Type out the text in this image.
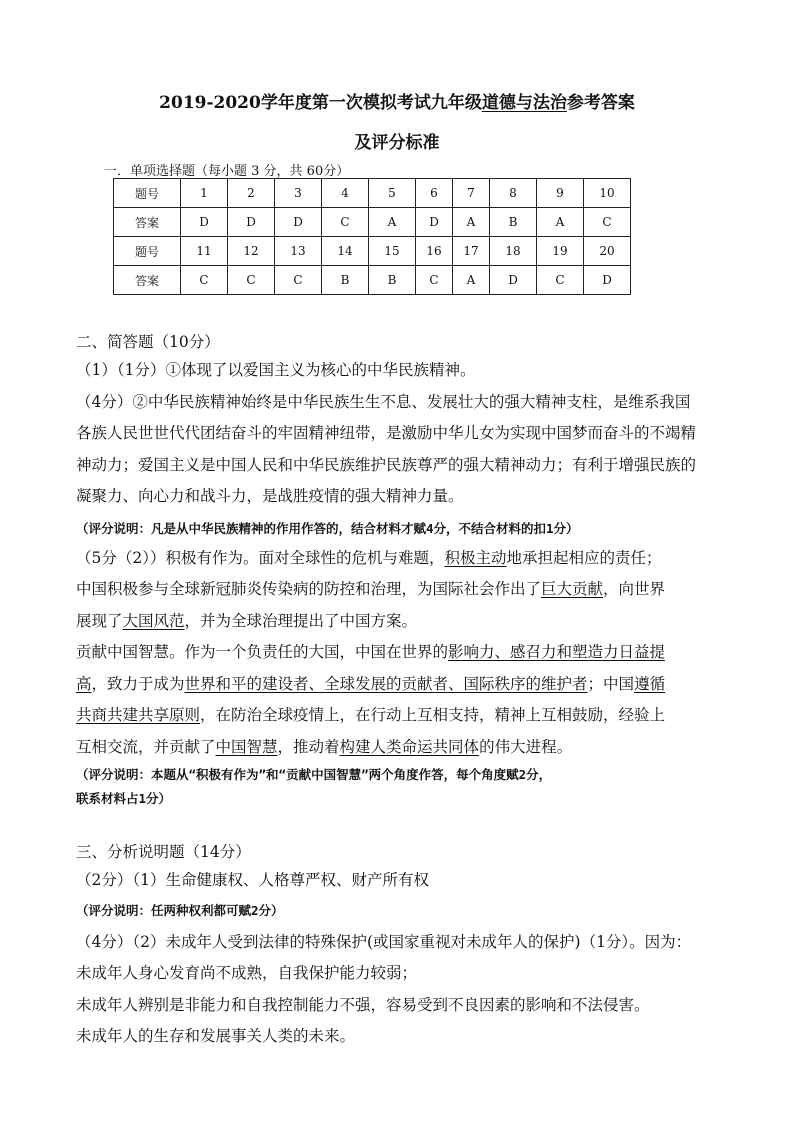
2019-2020学年度第一次模拟考试九年级道德与法治参考答案
及评分标准
一．单项选择题（每小题 3 分，共 60分）
题号	1	2	3	4	5	6	7	8	9	10
答案	D	D	D	C	A	D	A	B	A	C
题号	11	12	13	14	15	16	17	18	19	20
答案	C	C	C	B	B	C	A	D	C	D
二、简答题（10分）
（1）（1分）①体现了以爱国主义为核心的中华民族精神。
（4分）②中华民族精神始终是中华民族生生不息、发展壮大的强大精神支柱，是维系我国
各族人民世世代代团结奋斗的牢固精神纽带，是激励中华儿女为实现中国梦而奋斗的不竭精
神动力；爱国主义是中国人民和中华民族维护民族尊严的强大精神动力；有利于增强民族的
凝聚力、向心力和战斗力，是战胜疫情的强大精神力量。
（评分说明：凡是从中华民族精神的作用作答的，结合材料才赋4分，不结合材料的扣1分）
（5分（2））积极有作为。面对全球性的危机与难题，积极主动地承担起相应的责任；
中国积极参与全球新冠肺炎传染病的防控和治理，为国际社会作出了巨大贡献，向世界
展现了大国风范，并为全球治理提出了中国方案。
贡献中国智慧。作为一个负责任的大国，中国在世界的影响力、感召力和塑造力日益提
高，致力于成为世界和平的建设者、全球发展的贡献者、国际秩序的维护者；中国遵循
共商共建共享原则，在防治全球疫情上，在行动上互相支持，精神上互相鼓励，经验上
互相交流，并贡献了中国智慧，推动着构建人类命运共同体的伟大进程。
（评分说明：本题从“积极有作为”和“贡献中国智慧”两个角度作答，每个角度赋2分，
联系材料占1分）
三、分析说明题（14分）
（2分）（1）生命健康权、人格尊严权、财产所有权
（评分说明：任两种权利都可赋2分）
（4分）（2）未成年人受到法律的特殊保护(或国家重视对未成年人的保护)（1分）。因为：
未成年人身心发育尚不成熟，自我保护能力较弱；
未成年人辨别是非能力和自我控制能力不强，容易受到不良因素的影响和不法侵害。
未成年人的生存和发展事关人类的未来。
